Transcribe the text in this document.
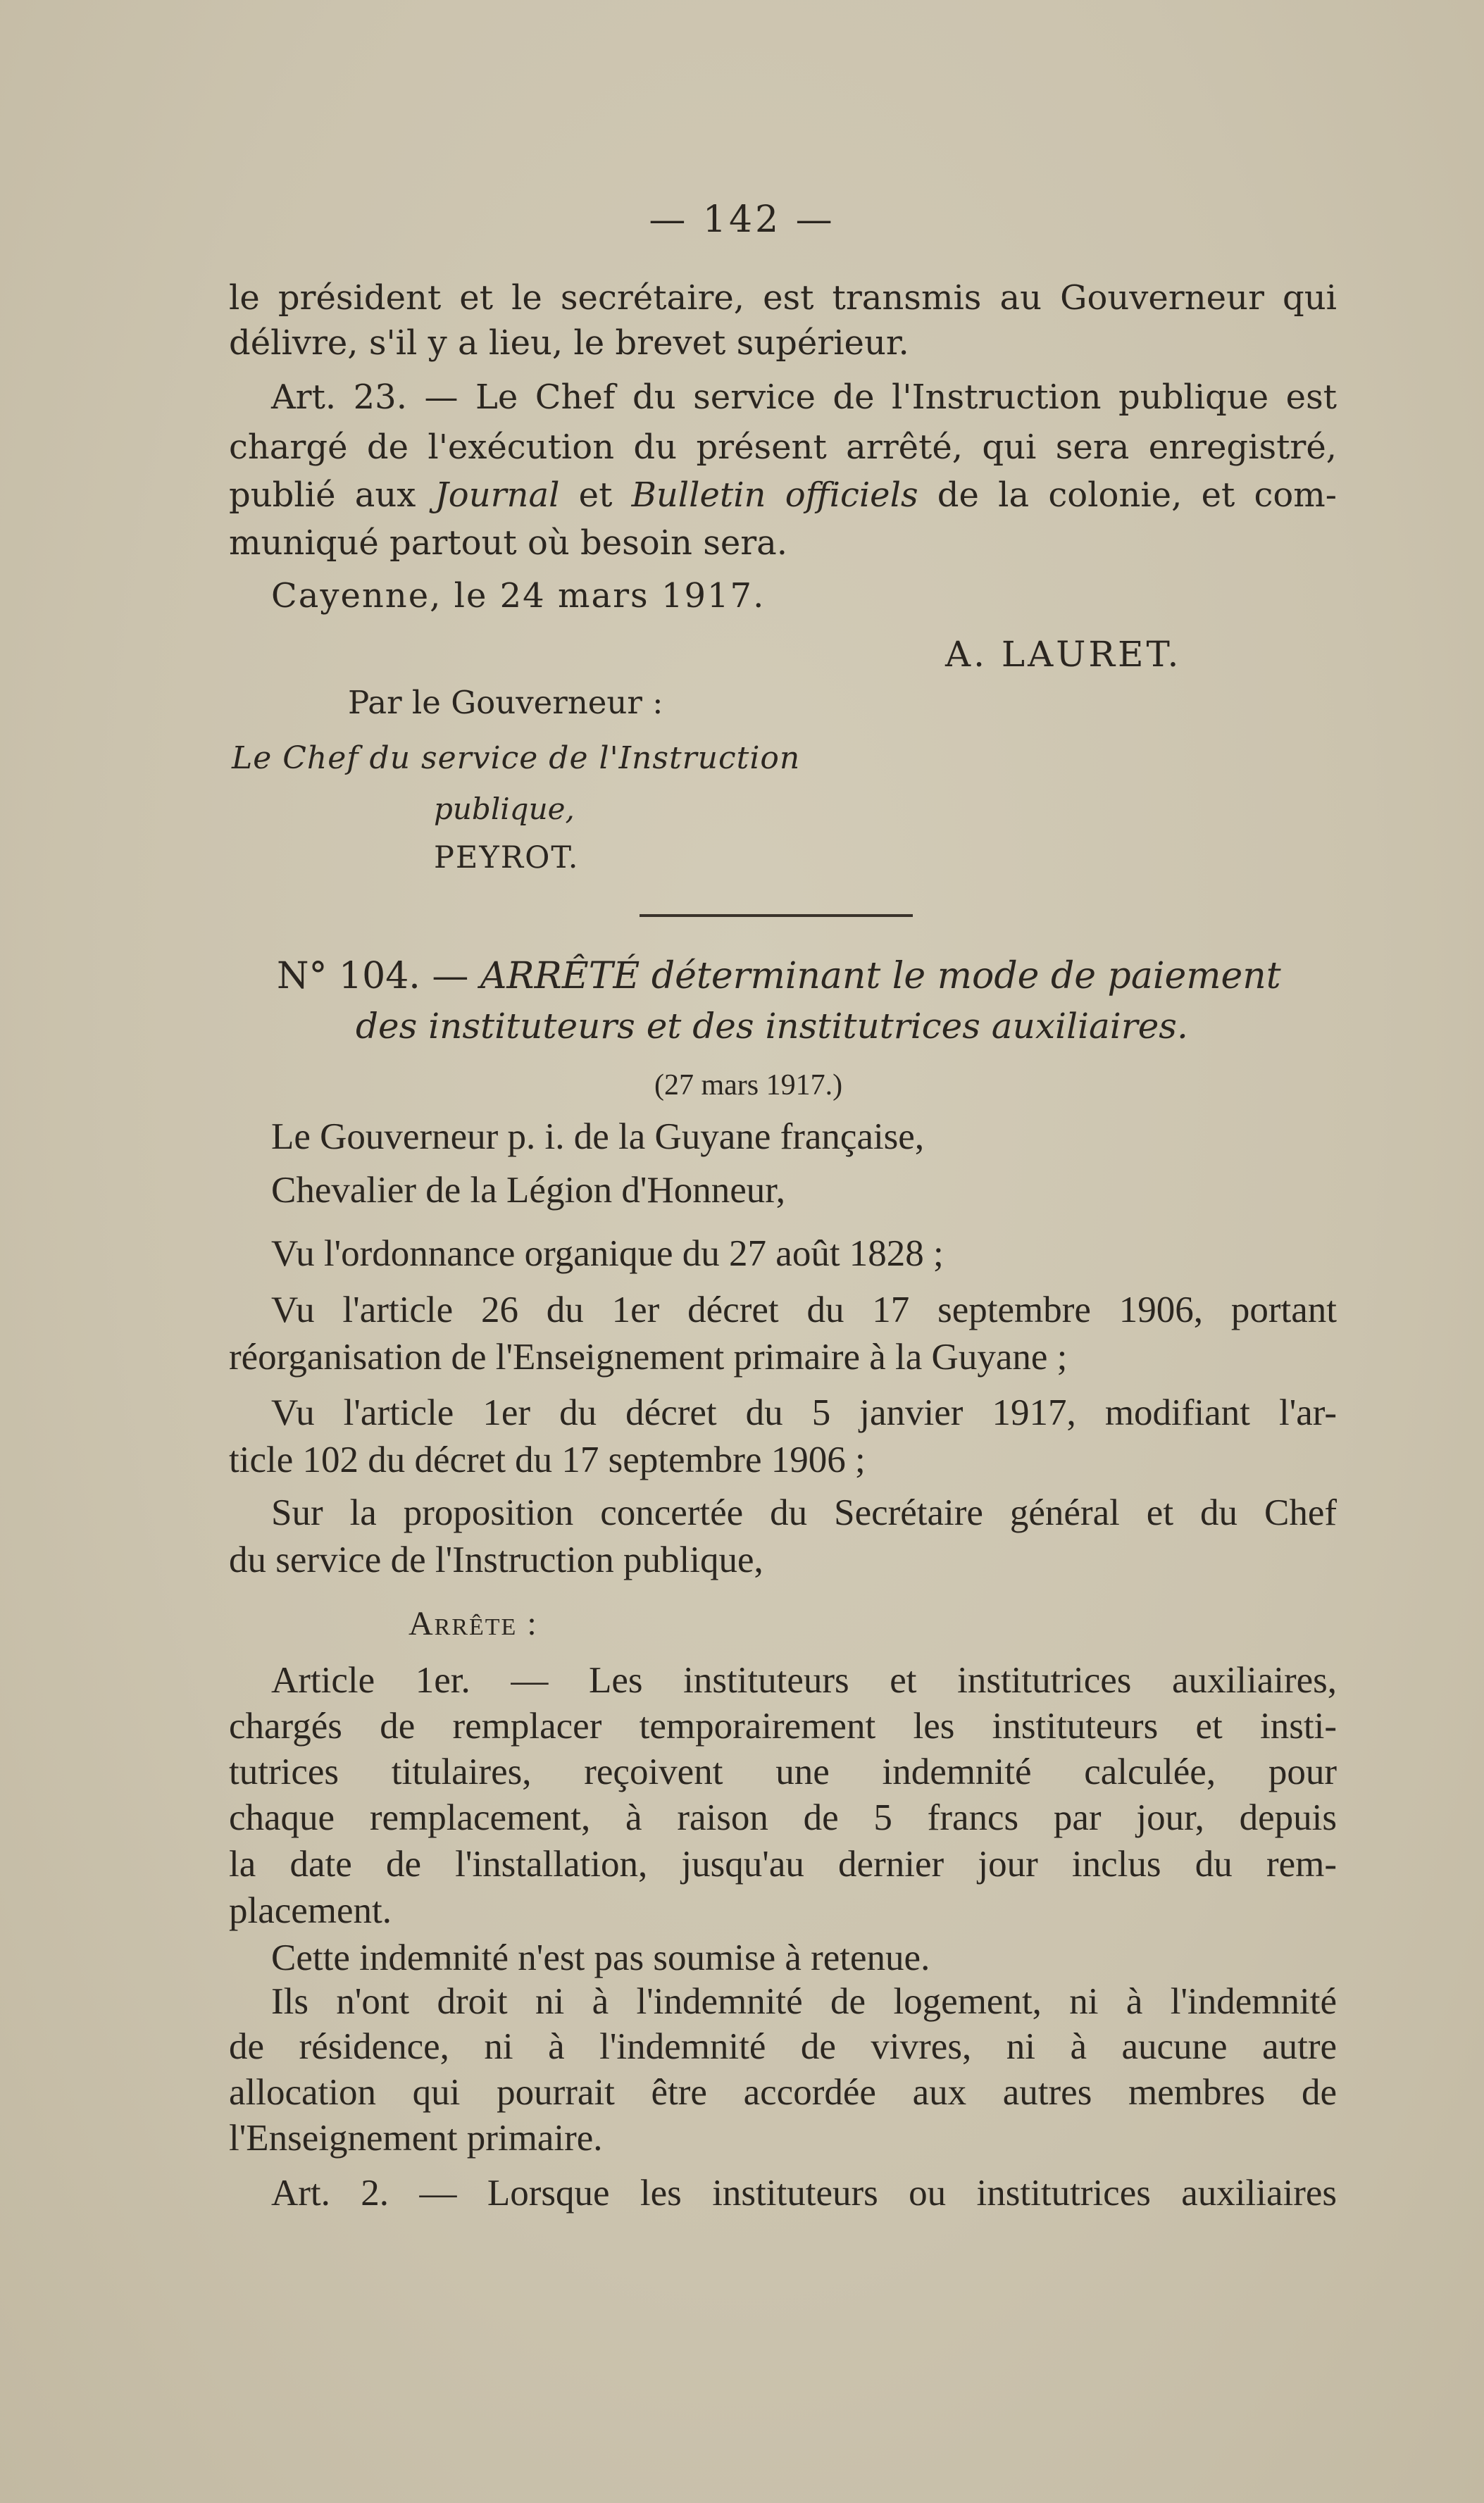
— 142 —
le président et le secrétaire, est transmis au Gouverneur qui
délivre, s'il y a lieu, le brevet supérieur.
Art. 23. — Le Chef du service de l'Instruction publique est
chargé de l'exécution du présent arrêté, qui sera enregistré,
publié aux Journal et Bulletin officiels de la colonie, et com-
muniqué partout où besoin sera.
Cayenne, le 24 mars 1917.
A. LAURET.
Par le Gouverneur :
Le Chef du service de l'Instruction
publique,
PEYROT.
N° 104. — ARRÊTÉ déterminant le mode de paiement
des instituteurs et des institutrices auxiliaires.
(27 mars 1917.)
Le Gouverneur p. i. de la Guyane française,
Chevalier de la Légion d'Honneur,
Vu l'ordonnance organique du 27 août 1828 ;
Vu l'article 26 du 1er décret du 17 septembre 1906, portant
réorganisation de l'Enseignement primaire à la Guyane ;
Vu l'article 1er du décret du 5 janvier 1917, modifiant l'ar-
ticle 102 du décret du 17 septembre 1906 ;
Sur la proposition concertée du Secrétaire général et du Chef
du service de l'Instruction publique,
Arrête :
Article 1er. — Les instituteurs et institutrices auxiliaires,
chargés de remplacer temporairement les instituteurs et insti-
tutrices titulaires, reçoivent une indemnité calculée, pour
chaque remplacement, à raison de 5 francs par jour, depuis
la date de l'installation, jusqu'au dernier jour inclus du rem-
placement.
Cette indemnité n'est pas soumise à retenue.
Ils n'ont droit ni à l'indemnité de logement, ni à l'indemnité
de résidence, ni à l'indemnité de vivres, ni à aucune autre
allocation qui pourrait être accordée aux autres membres de
l'Enseignement primaire.
Art. 2. — Lorsque les instituteurs ou institutrices auxiliaires
